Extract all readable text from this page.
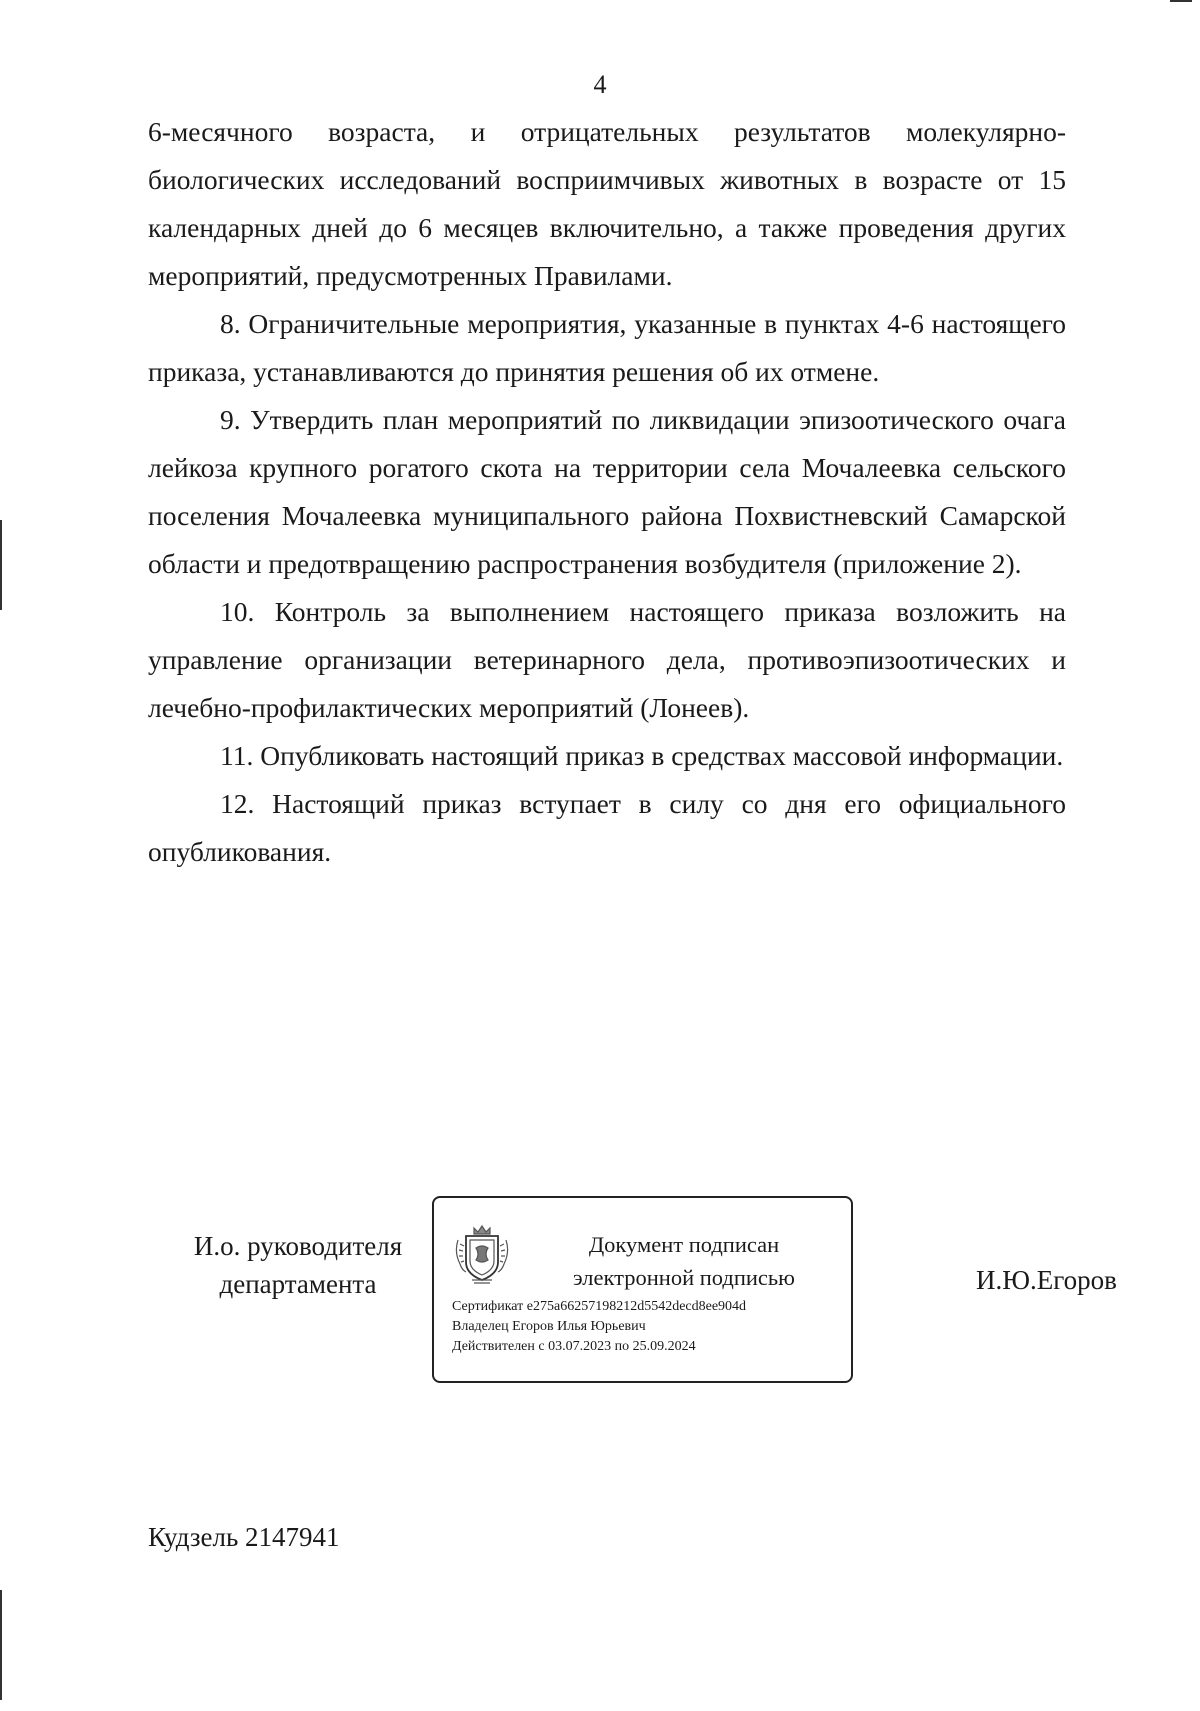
4

6-месячного возраста, и отрицательных результатов молекулярно-биологических исследований восприимчивых животных в возрасте от 15 календарных дней до 6 месяцев включительно, а также проведения других мероприятий, предусмотренных Правилами.

8. Ограничительные мероприятия, указанные в пунктах 4-6 настоящего приказа, устанавливаются до принятия решения об их отмене.

9. Утвердить план мероприятий по ликвидации эпизоотического очага лейкоза крупного рогатого скота на территории села Мочалеевка сельского поселения Мочалеевка муниципального района Похвистневский Самарской области и предотвращению распространения возбудителя (приложение 2).

10. Контроль за выполнением настоящего приказа возложить на управление организации ветеринарного дела, противоэпизоотических и лечебно-профилактических мероприятий (Лонеев).

11. Опубликовать настоящий приказ в средствах массовой информации.

12. Настоящий приказ вступает в силу со дня его официального опубликования.

И.о. руководителя
департамента
Документ подписан
электронной подписью
Сертификат e275a66257198212d5542decd8ee904d
Владелец Егоров Илья Юрьевич
Действителен с 03.07.2023 по 25.09.2024
И.Ю.Егоров
Кудзель 2147941
